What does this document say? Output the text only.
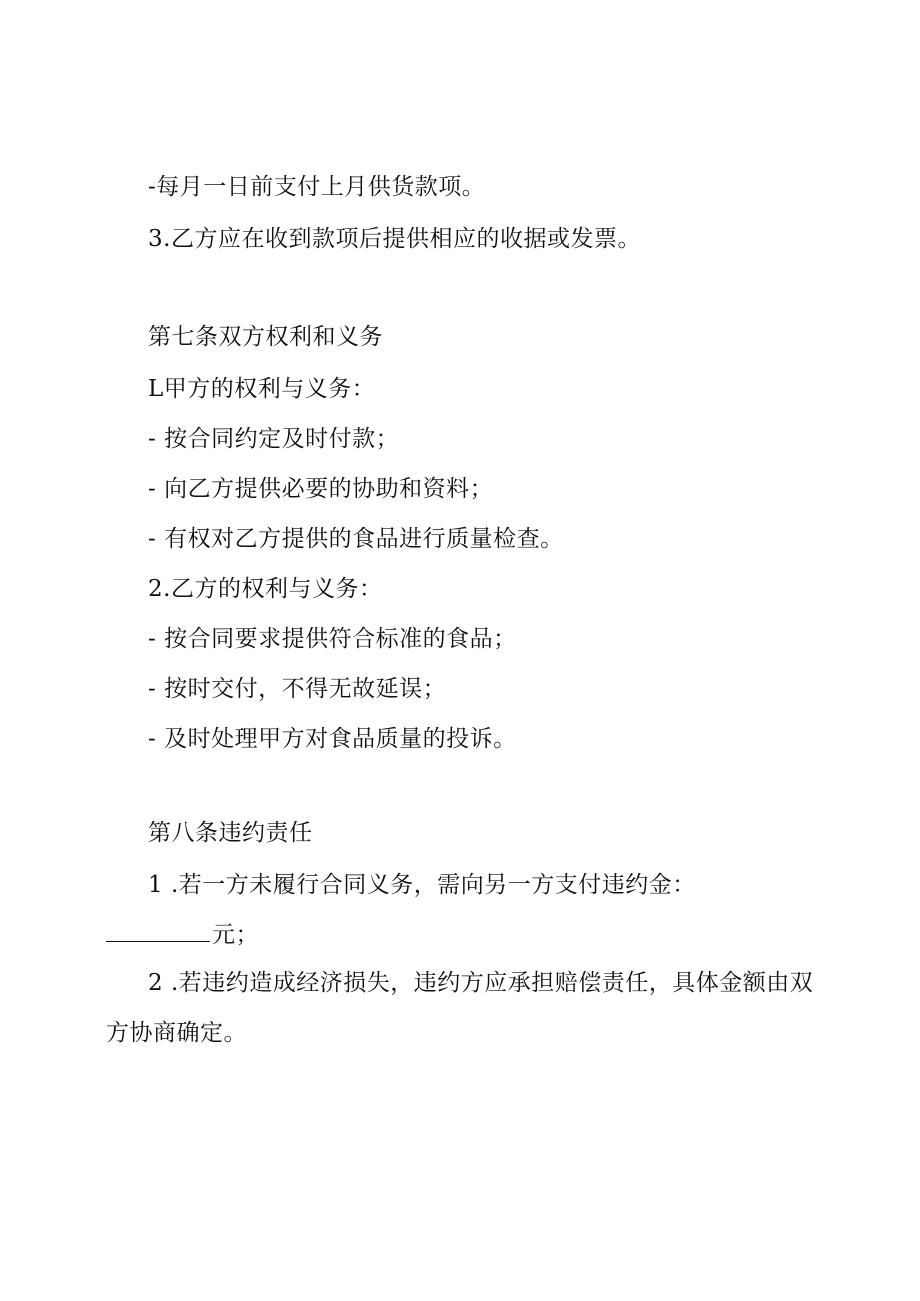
-每月一日前支付上月供货款项。
3.乙方应在收到款项后提供相应的收据或发票。
第七条双方权利和义务
L甲方的权利与义务：
- 按合同约定及时付款；
- 向乙方提供必要的协助和资料；
- 有权对乙方提供的食品进行质量检查。
2.乙方的权利与义务：
- 按合同要求提供符合标准的食品；
- 按时交付，不得无故延误；
- 及时处理甲方对食品质量的投诉。
第八条违约责任
1 .若一方未履行合同义务，需向另一方支付违约金：
元；
2 .若违约造成经济损失，违约方应承担赔偿责任，具体金额由双
方协商确定。
